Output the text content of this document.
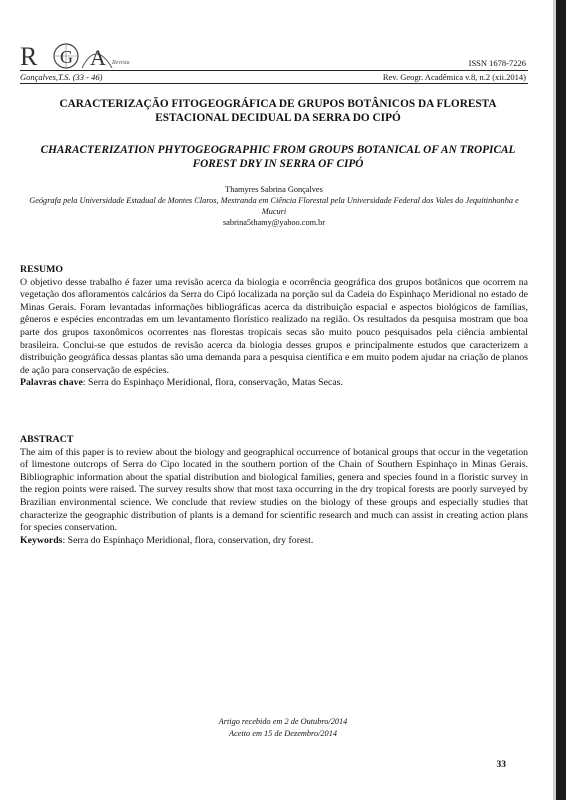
R G A Revista	ISSN 1678-7226
Gonçalves,T.S. (33 - 46)	Rev. Geogr. Acadêmica v.8, n.2 (xii.2014)
CARACTERIZAÇÃO FITOGEOGRÁFICA DE GRUPOS BOTÂNICOS DA FLORESTA ESTACIONAL DECIDUAL DA SERRA DO CIPÓ
CHARACTERIZATION PHYTOGEOGRAPHIC FROM GROUPS BOTANICAL OF AN TROPICAL FOREST DRY IN SERRA OF CIPÓ
Thamyres Sabrina Gonçalves
Geógrafa pela Universidade Estadual de Montes Claros, Mestranda em Ciência Florestal pela Universidade Federal dos Vales do Jequitinhonha e Mucuri
sabrina5thamy@yahoo.com.br
RESUMO
O objetivo desse trabalho é fazer uma revisão acerca da biologia e ocorrência geográfica dos grupos botânicos que ocorrem na vegetação dos afloramentos calcários da Serra do Cipó localizada na porção sul da Cadeia do Espinhaço Meridional no estado de Minas Gerais. Foram levantadas informações bibliográficas acerca da distribuição espacial e aspectos biológicos de famílias, gêneros e espécies encontradas em um levantamento florístico realizado na região. Os resultados da pesquisa mostram que boa parte dos grupos taxonômicos ocorrentes nas florestas tropicais secas são muito pouco pesquisados pela ciência ambiental brasileira. Conclui-se que estudos de revisão acerca da biologia desses grupos e principalmente estudos que caracterizem a distribuição geográfica dessas plantas são uma demanda para a pesquisa científica e em muito podem ajudar na criação de planos de ação para conservação de espécies.
Palavras chave: Serra do Espinhaço Meridional, flora, conservação, Matas Secas.
ABSTRACT
The aim of this paper is to review about the biology and geographical occurrence of botanical groups that occur in the vegetation of limestone outcrops of Serra do Cipo located in the southern portion of the Chain of Southern Espinhaço in Minas Gerais. Bibliographic information about the spatial distribution and biological families, genera and species found in a floristic survey in the region points were raised. The survey results show that most taxa occurring in the dry tropical forests are poorly surveyed by Brazilian environmental science. We conclude that review studies on the biology of these groups and especially studies that characterize the geographic distribution of plants is a demand for scientific research and much can assist in creating action plans for species conservation.
Keywords: Serra do Espinhaço Meridional, flora, conservation, dry forest.
Artigo recebido em 2 de Outubro/2014
Aceito em 15 de Dezembro/2014
33
